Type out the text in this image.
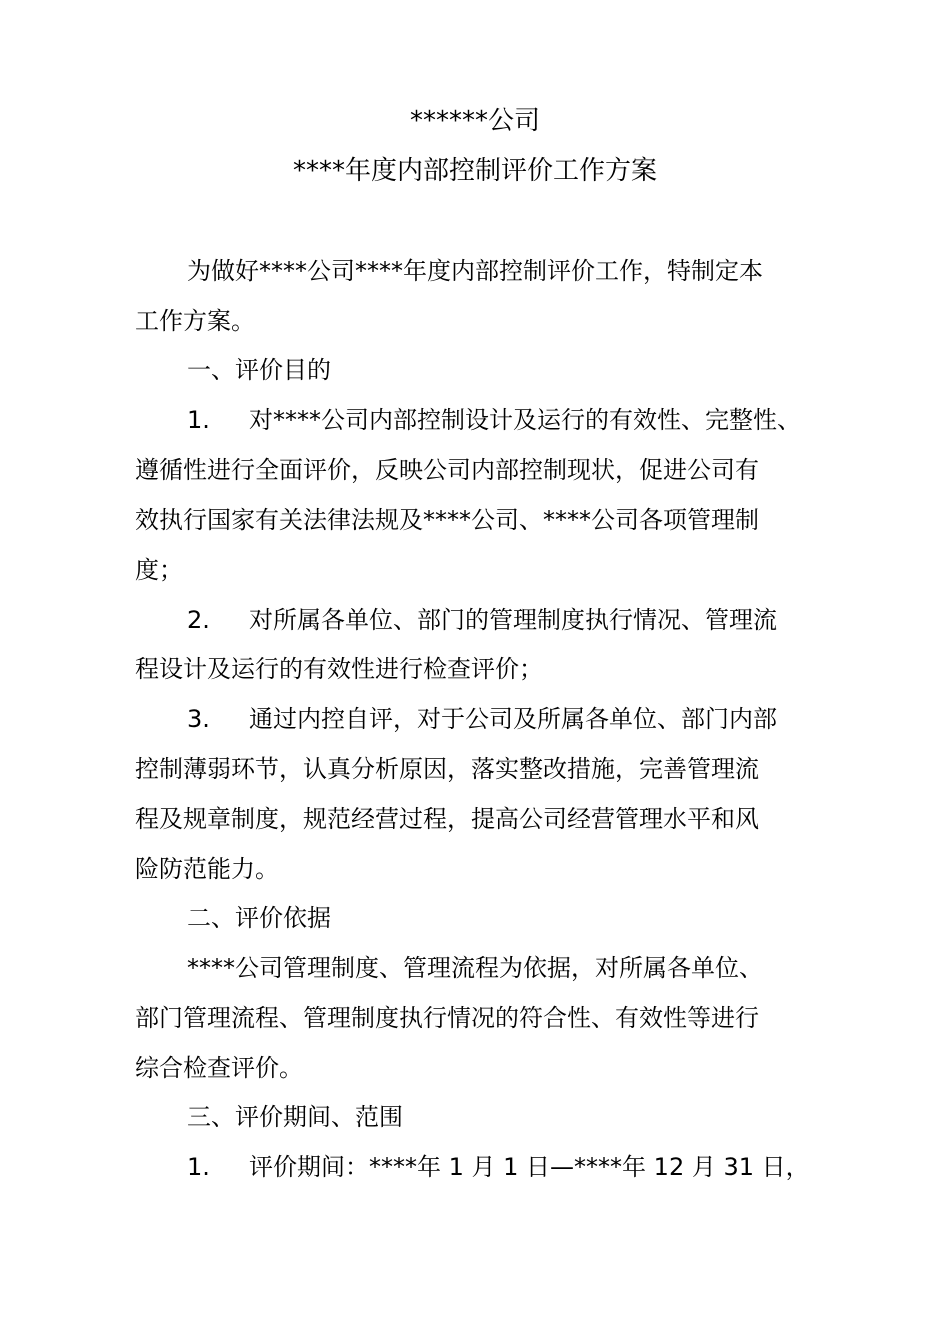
******公司
****年度内部控制评价工作方案
为做好****公司****年度内部控制评价工作，特制定本
工作方案。
一、评价目的
1. 对****公司内部控制设计及运行的有效性、完整性、
遵循性进行全面评价，反映公司内部控制现状，促进公司有
效执行国家有关法律法规及****公司、****公司各项管理制
度；
2. 对所属各单位、部门的管理制度执行情况、管理流
程设计及运行的有效性进行检查评价；
3. 通过内控自评，对于公司及所属各单位、部门内部
控制薄弱环节，认真分析原因，落实整改措施，完善管理流
程及规章制度，规范经营过程，提高公司经营管理水平和风
险防范能力。
二、评价依据
****公司管理制度、管理流程为依据，对所属各单位、
部门管理流程、管理制度执行情况的符合性、有效性等进行
综合检查评价。
三、评价期间、范围
1. 评价期间：****年 1 月 1 日—****年 12 月 31 日，
